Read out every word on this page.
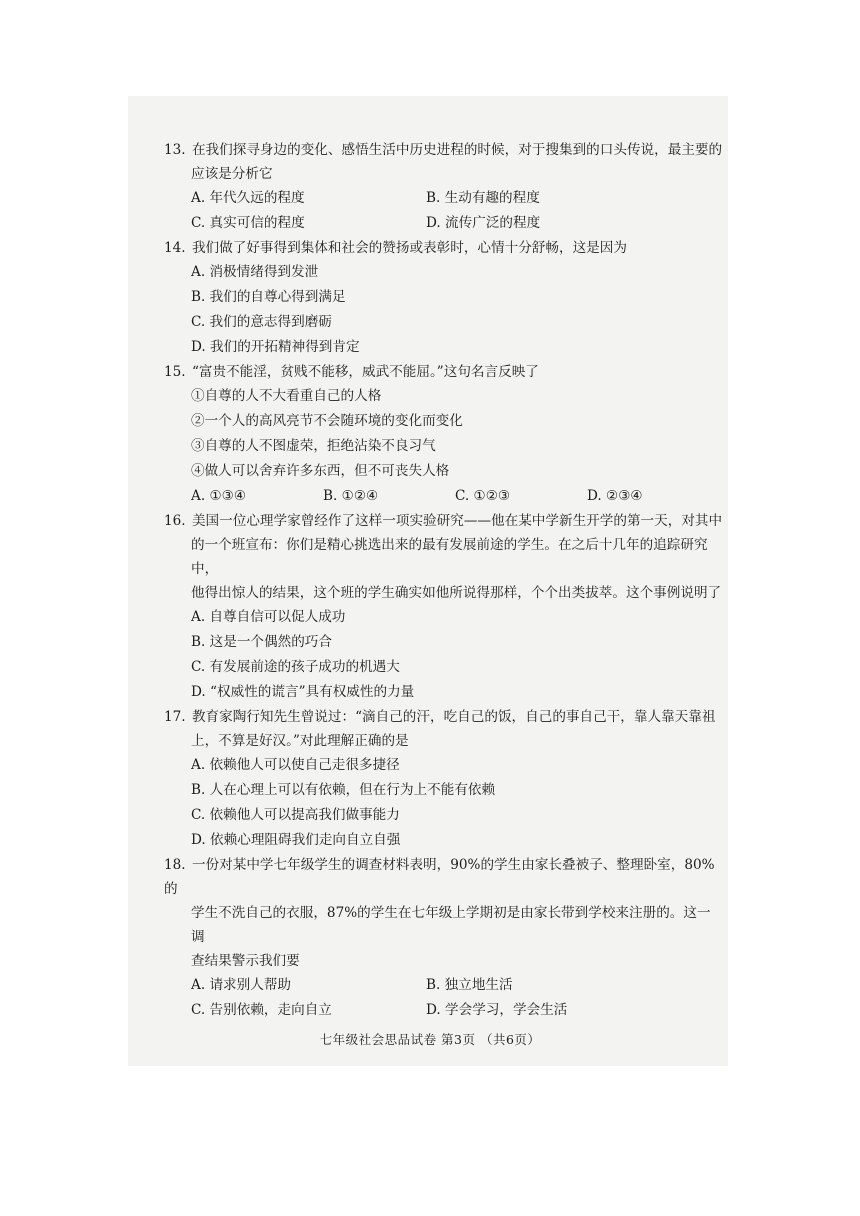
13. 在我们探寻身边的变化、感悟生活中历史进程的时候，对于搜集到的口头传说，最主要的

应该是分析它

A. 年代久远的程度	B. 生动有趣的程度
C. 真实可信的程度	D. 流传广泛的程度

14. 我们做了好事得到集体和社会的赞扬或表彰时，心情十分舒畅，这是因为

A. 消极情绪得到发泄

B. 我们的自尊心得到满足

C. 我们的意志得到磨砺

D. 我们的开拓精神得到肯定

15. “富贵不能淫，贫贱不能移，威武不能屈。”这句名言反映了

①自尊的人不大看重自己的人格

②一个人的高风亮节不会随环境的变化而变化

③自尊的人不图虚荣，拒绝沾染不良习气

④做人可以舍弃许多东西，但不可丧失人格

A. ①③④	B. ①②④	C. ①②③	D. ②③④

16. 美国一位心理学家曾经作了这样一项实验研究——他在某中学新生开学的第一天，对其中

的一个班宣布：你们是精心挑选出来的最有发展前途的学生。在之后十几年的追踪研究中，

他得出惊人的结果，这个班的学生确实如他所说得那样，个个出类拔萃。这个事例说明了

A. 自尊自信可以促人成功

B. 这是一个偶然的巧合

C. 有发展前途的孩子成功的机遇大

D. “权威性的谎言”具有权威性的力量

17. 教育家陶行知先生曾说过：“滴自己的汗，吃自己的饭，自己的事自己干，靠人靠天靠祖

上，不算是好汉。”对此理解正确的是

A. 依赖他人可以使自己走很多捷径

B. 人在心理上可以有依赖，但在行为上不能有依赖

C. 依赖他人可以提高我们做事能力

D. 依赖心理阻碍我们走向自立自强

18. 一份对某中学七年级学生的调查材料表明，90%的学生由家长叠被子、整理卧室，80%的

学生不洗自己的衣服，87%的学生在七年级上学期初是由家长带到学校来注册的。这一调

查结果警示我们要

A. 请求别人帮助	B. 独立地生活
C. 告别依赖，走向自立	D. 学会学习，学会生活
七年级社会思品试卷 第3页 （共6页）
